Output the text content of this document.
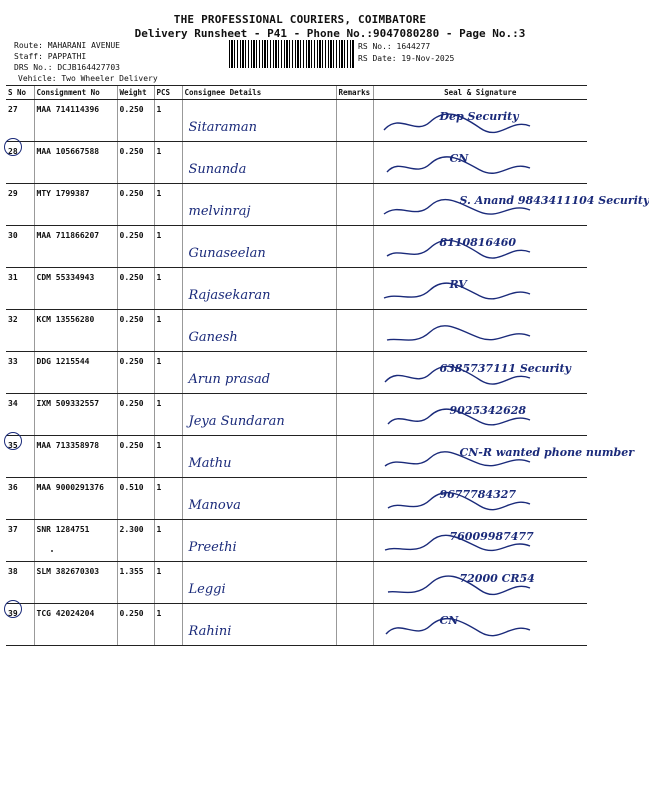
THE PROFESSIONAL COURIERS, COIMBATORE
Delivery Runsheet - P41 - Phone No.:9047080280 - Page No.:3
Route: MAHARANI AVENUE
Staff: PAPPATHI
DRS No.: DCJB164427703
Vehicle: Two Wheeler Delivery
RS No.: 1644277
RS Date: 19-Nov-2025
S No	Consignment No	Weight	PCS	Consignee Details	Remarks	Seal & Signature

27	MAA 714114396	0.250	1	Sitaraman		Dep Security

28	MAA 105667588	0.250	1	Sunanda		CN

29	MTY 1799387	0.250	1	melvinraj		S. Anand 9843411104 Security

30	MAA 711866207	0.250	1	Gunaseelan		8110816460

31	CDM 55334943	0.250	1	Rajasekaran		RV

32	KCM 13556280	0.250	1	Ganesh

33	DDG 1215544	0.250	1	Arun prasad		6385737111 Security

34	IXM 509332557	0.250	1	Jeya Sundaran		9025342628

35	MAA 713358978	0.250	1	Mathu		CN-R wanted phone number

36	MAA 9000291376	0.510	1	Manova		9677784327

37	SNR 1284751	2.300	1	Preethi		76009987477

38	SLM 382670303	1.355	1	Leggi		72000 CR54

39	TCG 42024204	0.250	1	Rahini		CN
